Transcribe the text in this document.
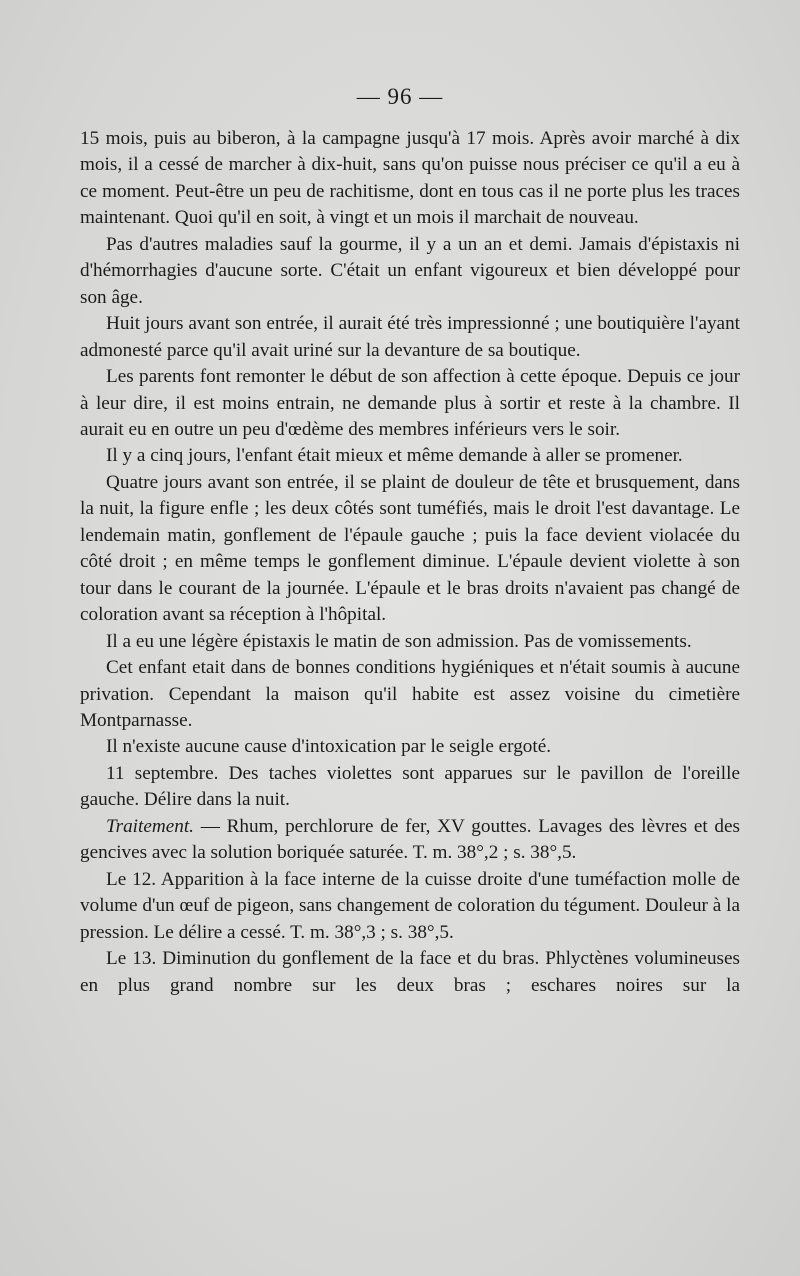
— 96 —

15 mois, puis au biberon, à la campagne jusqu'à 17 mois. Après avoir marché à dix mois, il a cessé de marcher à dix-huit, sans qu'on puisse nous préciser ce qu'il a eu à ce moment. Peut-être un peu de rachitisme, dont en tous cas il ne porte plus les traces maintenant. Quoi qu'il en soit, à vingt et un mois il marchait de nouveau.

Pas d'autres maladies sauf la gourme, il y a un an et demi. Jamais d'épistaxis ni d'hémorrhagies d'aucune sorte. C'était un enfant vigoureux et bien développé pour son âge.

Huit jours avant son entrée, il aurait été très impressionné ; une boutiquière l'ayant admonesté parce qu'il avait uriné sur la devanture de sa boutique.

Les parents font remonter le début de son affection à cette époque. Depuis ce jour à leur dire, il est moins entrain, ne demande plus à sortir et reste à la chambre. Il aurait eu en outre un peu d'œdème des membres inférieurs vers le soir.

Il y a cinq jours, l'enfant était mieux et même demande à aller se promener.

Quatre jours avant son entrée, il se plaint de douleur de tête et brusquement, dans la nuit, la figure enfle ; les deux côtés sont tuméfiés, mais le droit l'est davantage. Le lendemain matin, gonflement de l'épaule gauche ; puis la face devient violacée du côté droit ; en même temps le gonflement diminue. L'épaule devient violette à son tour dans le courant de la journée. L'épaule et le bras droits n'avaient pas changé de coloration avant sa réception à l'hôpital.

Il a eu une légère épistaxis le matin de son admission. Pas de vomissements.

Cet enfant etait dans de bonnes conditions hygiéniques et n'était soumis à aucune privation. Cependant la maison qu'il habite est assez voisine du cimetière Montparnasse.

Il n'existe aucune cause d'intoxication par le seigle ergoté.

11 septembre. Des taches violettes sont apparues sur le pavillon de l'oreille gauche. Délire dans la nuit.

Traitement. — Rhum, perchlorure de fer, XV gouttes. Lavages des lèvres et des gencives avec la solution boriquée saturée. T. m. 38°,2 ; s. 38°,5.

Le 12. Apparition à la face interne de la cuisse droite d'une tuméfaction molle de volume d'un œuf de pigeon, sans changement de coloration du tégument. Douleur à la pression. Le délire a cessé. T. m. 38°,3 ; s. 38°,5.

Le 13. Diminution du gonflement de la face et du bras. Phlyctènes volumineuses en plus grand nombre sur les deux bras ; eschares noires sur la
